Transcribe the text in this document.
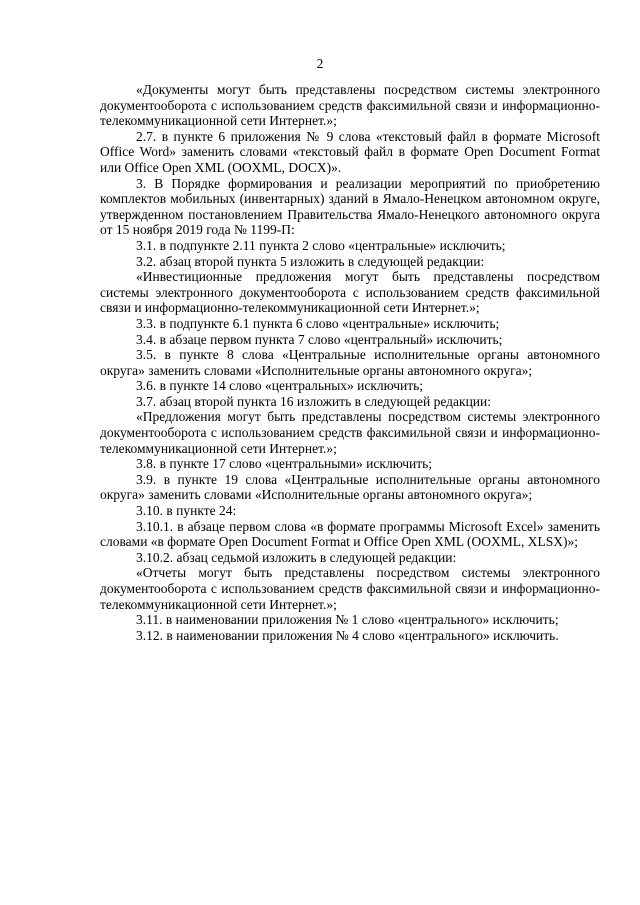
2

«Документы могут быть представлены посредством системы электронного документооборота с использованием средств факсимильной связи и информационно-телекоммуникационной сети Интернет.»;

2.7. в пункте 6 приложения № 9 слова «текстовый файл в формате Microsoft Office Word» заменить словами «текстовый файл в формате Open Document Format или Office Open XML (OOXML, DOCX)».

3. В Порядке формирования и реализации мероприятий по приобретению комплектов мобильных (инвентарных) зданий в Ямало-Ненецком автономном округе, утвержденном постановлением Правительства Ямало-Ненецкого автономного округа от 15 ноября 2019 года № 1199-П:

3.1. в подпункте 2.11 пункта 2 слово «центральные» исключить;

3.2. абзац второй пункта 5 изложить в следующей редакции:

«Инвестиционные предложения могут быть представлены посредством системы электронного документооборота с использованием средств факсимильной связи и информационно-телекоммуникационной сети Интернет.»;

3.3. в подпункте 6.1 пункта 6 слово «центральные» исключить;

3.4. в абзаце первом пункта 7 слово «центральный» исключить;

3.5. в пункте 8 слова «Центральные исполнительные органы автономного округа» заменить словами «Исполнительные органы автономного округа»;

3.6. в пункте 14 слово «центральных» исключить;

3.7. абзац второй пункта 16 изложить в следующей редакции:

«Предложения могут быть представлены посредством системы электронного документооборота с использованием средств факсимильной связи и информационно-телекоммуникационной сети Интернет.»;

3.8. в пункте 17 слово «центральными» исключить;

3.9. в пункте 19 слова «Центральные исполнительные органы автономного округа» заменить словами «Исполнительные органы автономного округа»;

3.10. в пункте 24:

3.10.1. в абзаце первом слова «в формате программы Microsoft Excel» заменить словами «в формате Open Document Format и Office Open XML (OOXML, XLSX)»;

3.10.2. абзац седьмой изложить в следующей редакции:

«Отчеты могут быть представлены посредством системы электронного документооборота с использованием средств факсимильной связи и информационно-телекоммуникационной сети Интернет.»;

3.11. в наименовании приложения № 1 слово «центрального» исключить;

3.12. в наименовании приложения № 4 слово «центрального» исключить.
